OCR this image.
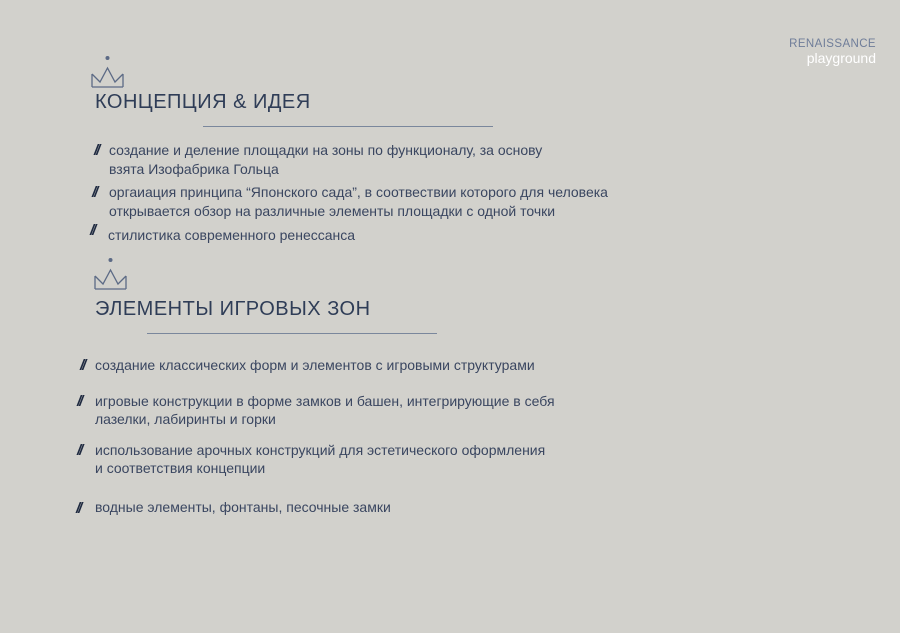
RENAISSANCE
playground
КОНЦЕПЦИЯ & ИДЕЯ
// создание и деление площадки на зоны по функционалу, за основу
взята Изофабрика Гольца
// оргаиация принципа “Японского сада”, в соотвествии которого для человека
открывается обзор на различные элементы площадки с одной точки
// стилистика современного ренессанса
ЭЛЕМЕНТЫ ИГРОВЫХ ЗОН
// создание классических форм и элементов с игровыми структурами
// игровые конструкции в форме замков и башен, интегрирующие в себя
лазелки, лабиринты и горки
// использование арочных конструкций для эстетического оформления
и соответствия концепции
// водные элементы, фонтаны, песочные замки
